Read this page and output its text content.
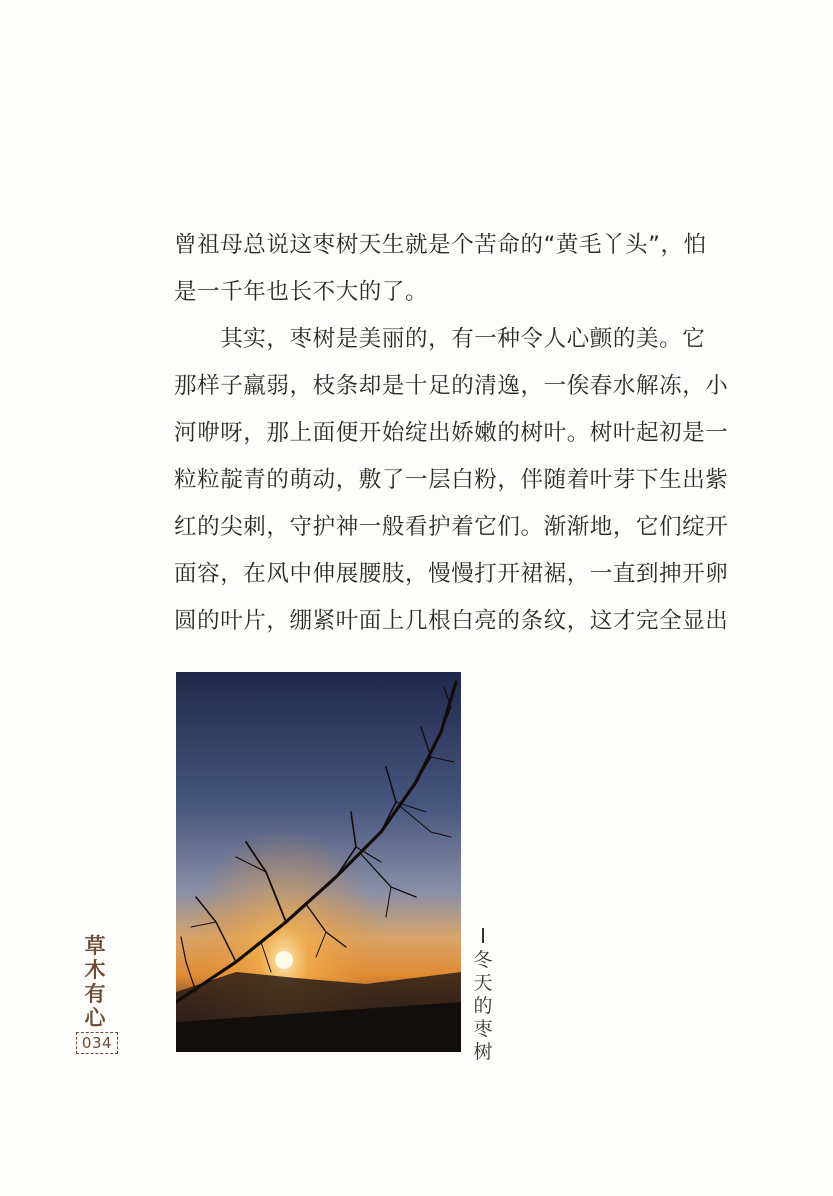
曾祖母总说这枣树天生就是个苦命的“黄毛丫头”，怕
是一千年也长不大的了。
　　其实，枣树是美丽的，有一种令人心颤的美。它
那样子羸弱，枝条却是十足的清逸，一俟春水解冻，小
河咿呀，那上面便开始绽出娇嫩的树叶。树叶起初是一
粒粒靛青的萌动，敷了一层白粉，伴随着叶芽下生出紫
红的尖刺，守护神一般看护着它们。渐渐地，它们绽开
面容，在风中伸展腰肢，慢慢打开裙裾，一直到抻开卵
圆的叶片，绷紧叶面上几根白亮的条纹，这才完全显出
冬天的枣树
草木有心
034
